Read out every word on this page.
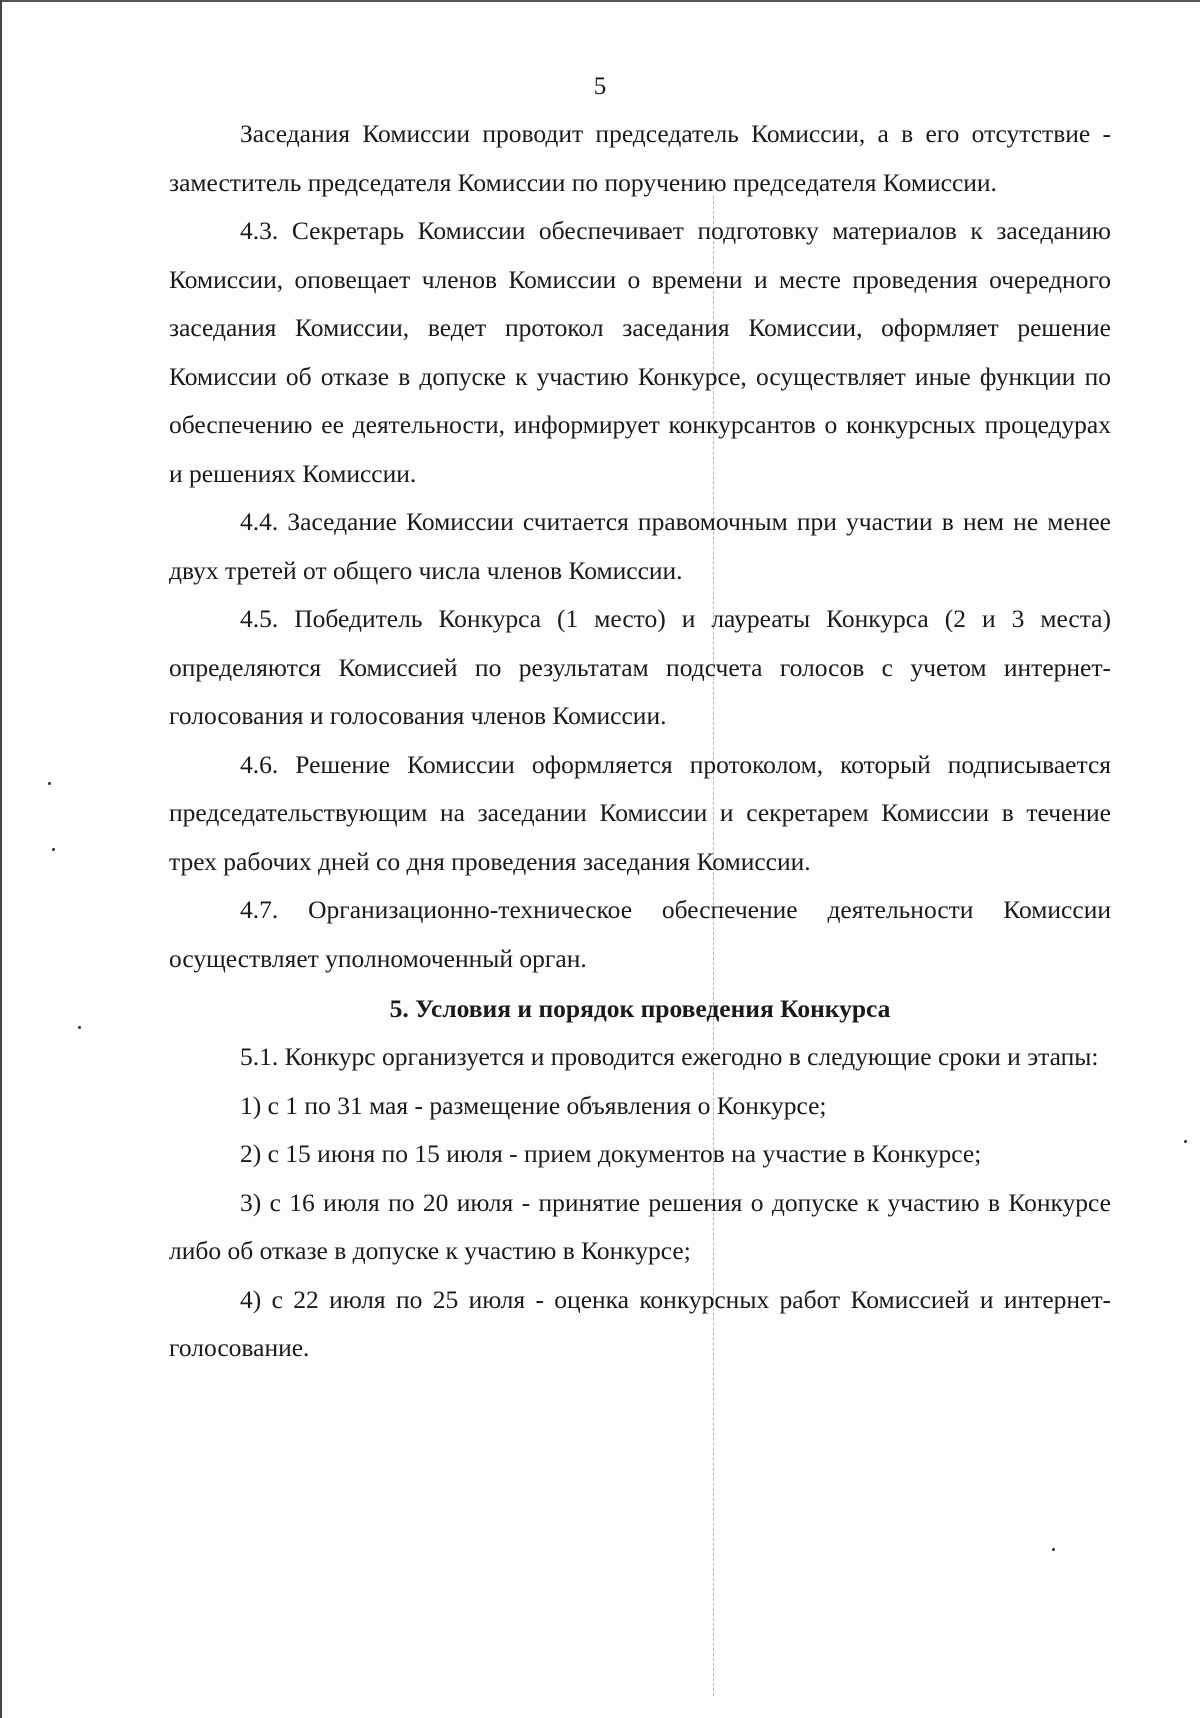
5

Заседания Комиссии проводит председатель Комиссии, а в его отсутствие - заместитель председателя Комиссии по поручению председателя Комиссии.

4.3. Секретарь Комиссии обеспечивает подготовку материалов к заседанию Комиссии, оповещает членов Комиссии о времени и месте проведения очередного заседания Комиссии, ведет протокол заседания Комиссии, оформляет решение Комиссии об отказе в допуске к участию Конкурсе, осуществляет иные функции по обеспечению ее деятельности, информирует конкурсантов о конкурсных процедурах и решениях Комиссии.

4.4. Заседание Комиссии считается правомочным при участии в нем не менее двух третей от общего числа членов Комиссии.

4.5. Победитель Конкурса (1 место) и лауреаты Конкурса (2 и 3 места) определяются Комиссией по результатам подсчета голосов с учетом интернет-голосования и голосования членов Комиссии.

4.6. Решение Комиссии оформляется протоколом, который подписывается председательствующим на заседании Комиссии и секретарем Комиссии в течение трех рабочих дней со дня проведения заседания Комиссии.

4.7. Организационно-техническое обеспечение деятельности Комиссии осуществляет уполномоченный орган.

5. Условия и порядок проведения Конкурса

5.1. Конкурс организуется и проводится ежегодно в следующие сроки и этапы:

1) с 1 по 31 мая - размещение объявления о Конкурсе;

2) с 15 июня по 15 июля - прием документов на участие в Конкурсе;

3) с 16 июля по 20 июля - принятие решения о допуске к участию в Конкурсе либо об отказе в допуске к участию в Конкурсе;

4) с 22 июля по 25 июля - оценка конкурсных работ Комиссией и интернет-голосование.
